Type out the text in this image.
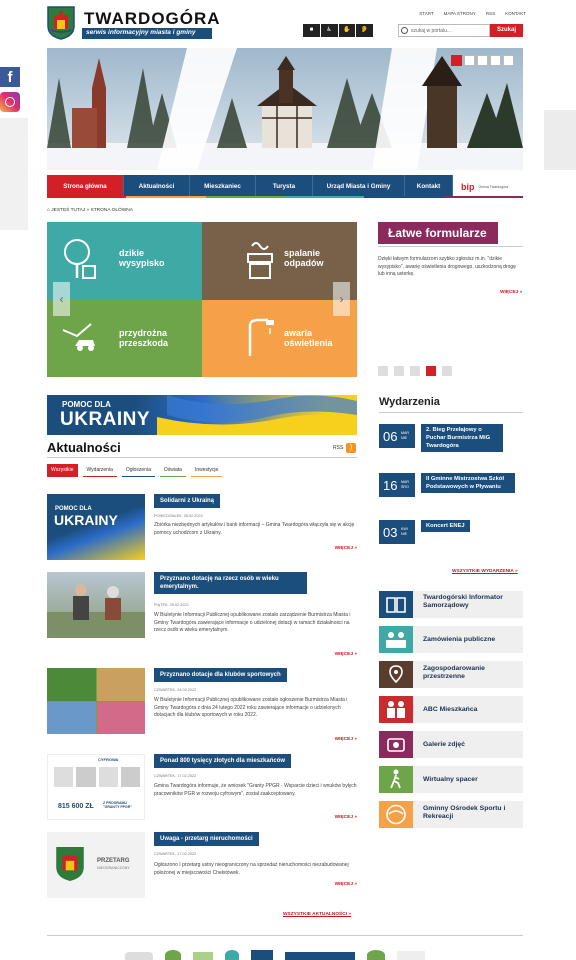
TWARDOGÓRA
serwis informacyjny miasta i gminy
START MAPA STRONY RSS KONTAKT
■	♿	✋	👂	szukaj w portalu...	Szukaj
f
Strona główna	Aktualności	Mieszkaniec	Turysta	Urząd Miasta i Gminy	Kontakt	bip Gmina Twardogóra
⌂ JESTEŚ TUTAJ » STRONA GŁÓWNA
dzikie
wysypisko
spalanie
odpadów
przydrożna
przeszkoda
awaria
oświetlenia
‹	›
Łatwe formularze
Dzięki łatwym formularzom szybko zgłosisz m.in. "dzikie wysypisko", awarię oświetlenia drogowego, uszkodzoną drogę lub inną usterkę.
WIĘCEJ »
POMOC DLA
UKRAINY
Aktualności	RSS )
Wszystkie	Wydarzenia	Ogłoszenia	Oświata	Inwestycje
POMOC DLA
UKRAINY
Solidarni z Ukrainą
PONIEDZIAŁEK, 28.02.2022
Zbiórka niezbędnych artykułów i bank informacji – Gmina Twardogóra włączyła się w akcję pomocy uchodźcom z Ukrainy.
WIĘCEJ »
Przyznano dotację na rzecz osób w wieku emerytalnym.
PIĄTEK, 25.02.2022
W Biuletynie Informacji Publicznej opublikowane zostało zarządzenie Burmistrza Miasta i Gminy Twardogóra zawierające informacje o udzielonej dotacji w ramach działalności na rzecz osób w wieku emerytalnym.
WIĘCEJ »
Przyznano dotacje dla klubów sportowych
CZWARTEK, 24.02.2022
W Biuletynie Informacji Publicznej opublikowane zostało ogłoszenie Burmistrza Miasta i Gminy Twardogóra z dnia 24 lutego 2022 roku zawierające informacje o udzielonych dotacjach dla klubów sportowych w roku 2022.
WIĘCEJ »
CYFROWA
815 600 ZŁ	Z PROGRAMU "GRANTY PPGR"
Ponad 800 tysięcy złotych dla mieszkańców
CZWARTEK, 17.02.2022
Gmina Twardogóra informuje, że wniosek "Granty PPGR - Wsparcie dzieci i wnuków byłych pracowników PGR w rozwoju cyfrowym", został zaakceptowany.
WIĘCEJ »
PRZETARG
NIEOGRANICZONY
Uwaga - przetarg nieruchomości
CZWARTEK, 17.02.2022
Ogłoszono I przetarg ustny nieograniczony na sprzedaż nieruchomości niezabudowanej położonej w miejscowości Chełstówek.
WIĘCEJ »
WSZYSTKIE AKTUALNOŚCI »
Wydarzenia
06 MAR
NIE
2. Bieg Przełajowy o Puchar Burmistrza MiG Twardogóra
16 MAR
ŚRO
II Gminne Mistrzostwa Szkół Podstawowych w Pływaniu
03 KWI
NIE
Koncert ENEJ
WSZYSTKIE WYDARZENIA »
Twardogórski Informator Samorządowy
Zamówienia publiczne
Zagospodarowanie przestrzenne
ABC Mieszkańca
Galerie zdjęć
Wirtualny spacer
Gminny Ośrodek Sportu i Rekreacji
